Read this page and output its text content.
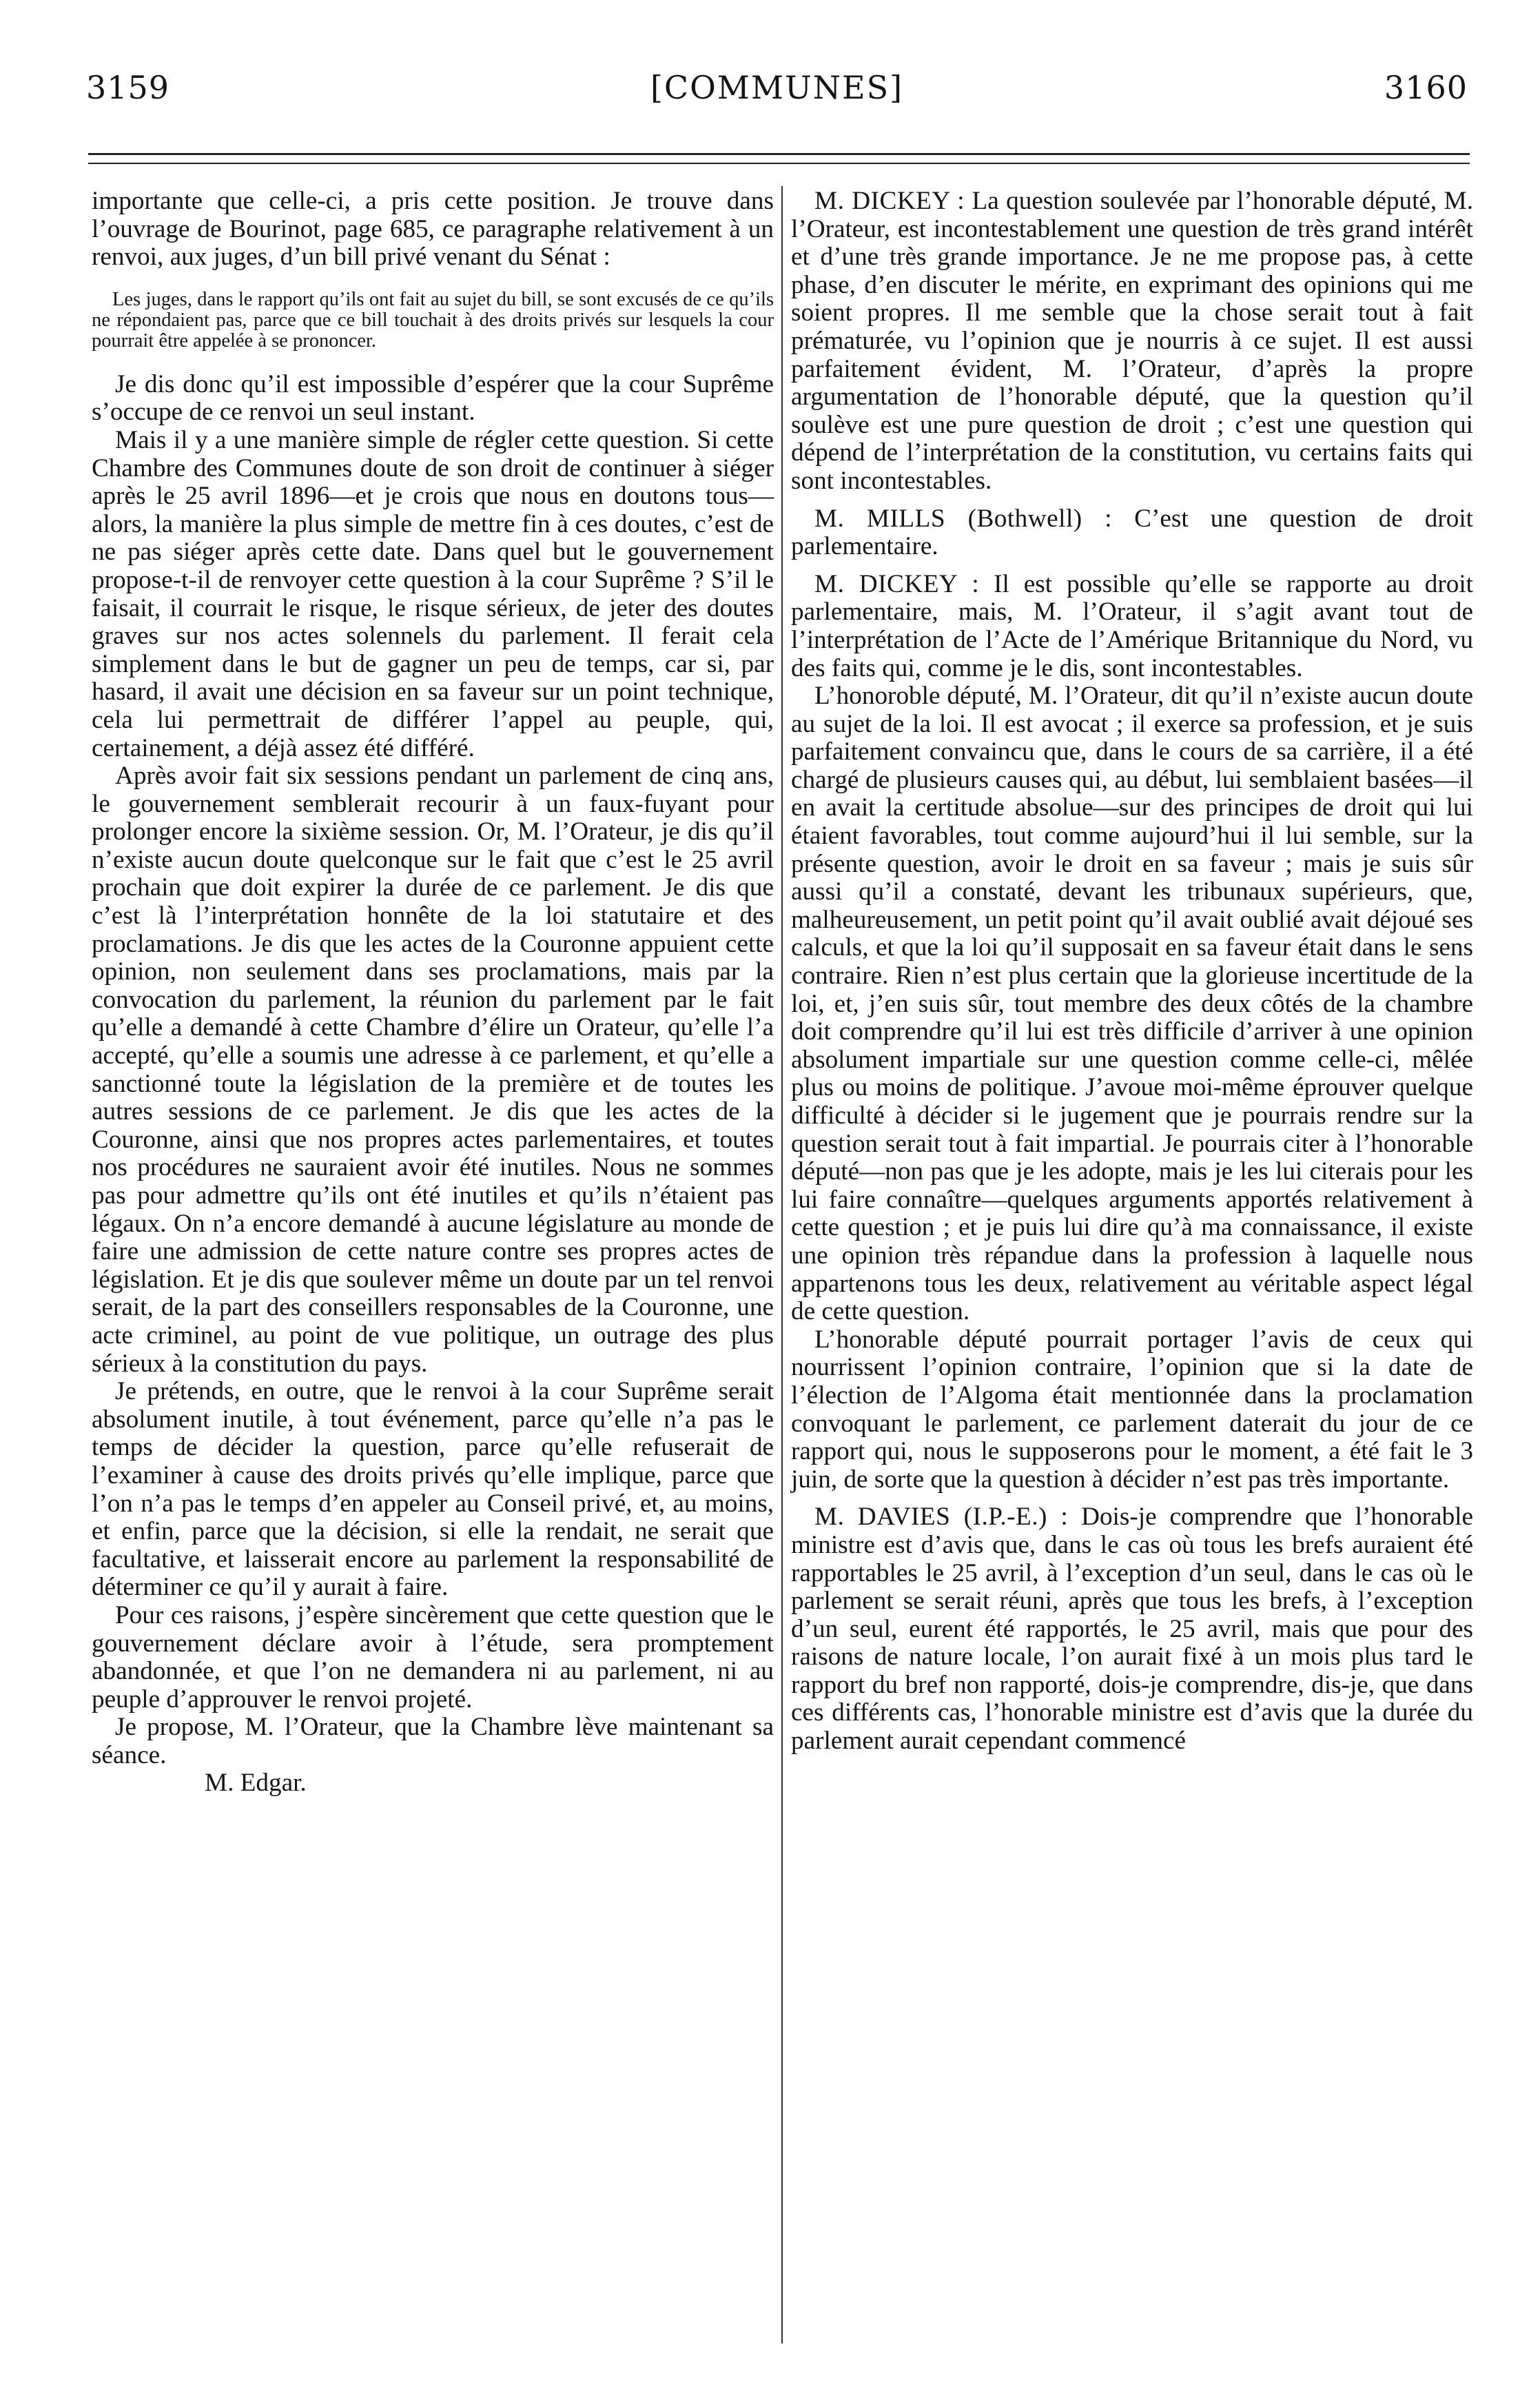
3159	[COMMUNES]	3160

importante que celle-ci, a pris cette position. Je trouve dans l’ouvrage de Bourinot, page 685, ce paragraphe relativement à un renvoi, aux juges, d’un bill privé venant du Sénat :

Les juges, dans le rapport qu’ils ont fait au sujet du bill, se sont excusés de ce qu’ils ne répondaient pas, parce que ce bill touchait à des droits privés sur lesquels la cour pourrait être appelée à se prononcer.

Je dis donc qu’il est impossible d’espérer que la cour Suprême s’occupe de ce renvoi un seul instant.

Mais il y a une manière simple de régler cette question. Si cette Chambre des Communes doute de son droit de continuer à siéger après le 25 avril 1896—et je crois que nous en doutons tous—alors, la manière la plus simple de mettre fin à ces doutes, c’est de ne pas siéger après cette date. Dans quel but le gouvernement propose-t-il de renvoyer cette question à la cour Suprême ? S’il le faisait, il courrait le risque, le risque sérieux, de jeter des doutes graves sur nos actes solennels du parlement. Il ferait cela simplement dans le but de gagner un peu de temps, car si, par hasard, il avait une décision en sa faveur sur un point technique, cela lui permettrait de différer l’appel au peuple, qui, certainement, a déjà assez été différé.

Après avoir fait six sessions pendant un parlement de cinq ans, le gouvernement semblerait recourir à un faux-fuyant pour prolonger encore la sixième session. Or, M. l’Orateur, je dis qu’il n’existe aucun doute quelconque sur le fait que c’est le 25 avril prochain que doit expirer la durée de ce parlement. Je dis que c’est là l’interprétation honnête de la loi statutaire et des proclamations. Je dis que les actes de la Couronne appuient cette opinion, non seulement dans ses proclamations, mais par la convocation du parlement, la réunion du parlement par le fait qu’elle a demandé à cette Chambre d’élire un Orateur, qu’elle l’a accepté, qu’elle a soumis une adresse à ce parlement, et qu’elle a sanctionné toute la législation de la première et de toutes les autres sessions de ce parlement. Je dis que les actes de la Couronne, ainsi que nos propres actes parlementaires, et toutes nos procédures ne sauraient avoir été inutiles. Nous ne sommes pas pour admettre qu’ils ont été inutiles et qu’ils n’étaient pas légaux. On n’a encore demandé à aucune législature au monde de faire une admission de cette nature contre ses propres actes de législation. Et je dis que soulever même un doute par un tel renvoi serait, de la part des conseillers responsables de la Couronne, une acte criminel, au point de vue politique, un outrage des plus sérieux à la constitution du pays.

Je prétends, en outre, que le renvoi à la cour Suprême serait absolument inutile, à tout événement, parce qu’elle n’a pas le temps de décider la question, parce qu’elle refuserait de l’examiner à cause des droits privés qu’elle implique, parce que l’on n’a pas le temps d’en appeler au Conseil privé, et, au moins, et enfin, parce que la décision, si elle la rendait, ne serait que facultative, et laisserait encore au parlement la responsabilité de déterminer ce qu’il y aurait à faire.

Pour ces raisons, j’espère sincèrement que cette question que le gouvernement déclare avoir à l’étude, sera promptement abandonnée, et que l’on ne demandera ni au parlement, ni au peuple d’approuver le renvoi projeté.

Je propose, M. l’Orateur, que la Chambre lève maintenant sa séance.

M. Edgar.

M. DICKEY : La question soulevée par l’honorable député, M. l’Orateur, est incontestablement une question de très grand intérêt et d’une très grande importance. Je ne me propose pas, à cette phase, d’en discuter le mérite, en exprimant des opinions qui me soient propres. Il me semble que la chose serait tout à fait prématurée, vu l’opinion que je nourris à ce sujet. Il est aussi parfaitement évident, M. l’Orateur, d’après la propre argumentation de l’honorable député, que la question qu’il soulève est une pure question de droit ; c’est une question qui dépend de l’interprétation de la constitution, vu certains faits qui sont incontestables.

M. MILLS (Bothwell) : C’est une question de droit parlementaire.

M. DICKEY : Il est possible qu’elle se rapporte au droit parlementaire, mais, M. l’Orateur, il s’agit avant tout de l’interprétation de l’Acte de l’Amérique Britannique du Nord, vu des faits qui, comme je le dis, sont incontestables.

L’honoroble député, M. l’Orateur, dit qu’il n’existe aucun doute au sujet de la loi. Il est avocat ; il exerce sa profession, et je suis parfaitement convaincu que, dans le cours de sa carrière, il a été chargé de plusieurs causes qui, au début, lui semblaient basées—il en avait la certitude absolue—sur des principes de droit qui lui étaient favorables, tout comme aujourd’hui il lui semble, sur la présente question, avoir le droit en sa faveur ; mais je suis sûr aussi qu’il a constaté, devant les tribunaux supérieurs, que, malheureusement, un petit point qu’il avait oublié avait déjoué ses calculs, et que la loi qu’il supposait en sa faveur était dans le sens contraire. Rien n’est plus certain que la glorieuse incertitude de la loi, et, j’en suis sûr, tout membre des deux côtés de la chambre doit comprendre qu’il lui est très difficile d’arriver à une opinion absolument impartiale sur une question comme celle-ci, mêlée plus ou moins de politique. J’avoue moi-même éprouver quelque difficulté à décider si le jugement que je pourrais rendre sur la question serait tout à fait impartial. Je pourrais citer à l’honorable député—non pas que je les adopte, mais je les lui citerais pour les lui faire connaître—quelques arguments apportés relativement à cette question ; et je puis lui dire qu’à ma connaissance, il existe une opinion très répandue dans la profession à laquelle nous appartenons tous les deux, relativement au véritable aspect légal de cette question.

L’honorable député pourrait portager l’avis de ceux qui nourrissent l’opinion contraire, l’opinion que si la date de l’élection de l’Algoma était mentionnée dans la proclamation convoquant le parlement, ce parlement daterait du jour de ce rapport qui, nous le supposerons pour le moment, a été fait le 3 juin, de sorte que la question à décider n’est pas très importante.

M. DAVIES (I.P.-E.) : Dois-je comprendre que l’honorable ministre est d’avis que, dans le cas où tous les brefs auraient été rapportables le 25 avril, à l’exception d’un seul, dans le cas où le parlement se serait réuni, après que tous les brefs, à l’exception d’un seul, eurent été rapportés, le 25 avril, mais que pour des raisons de nature locale, l’on aurait fixé à un mois plus tard le rapport du bref non rapporté, dois-je comprendre, dis-je, que dans ces différents cas, l’honorable ministre est d’avis que la durée du parlement aurait cependant commencé
